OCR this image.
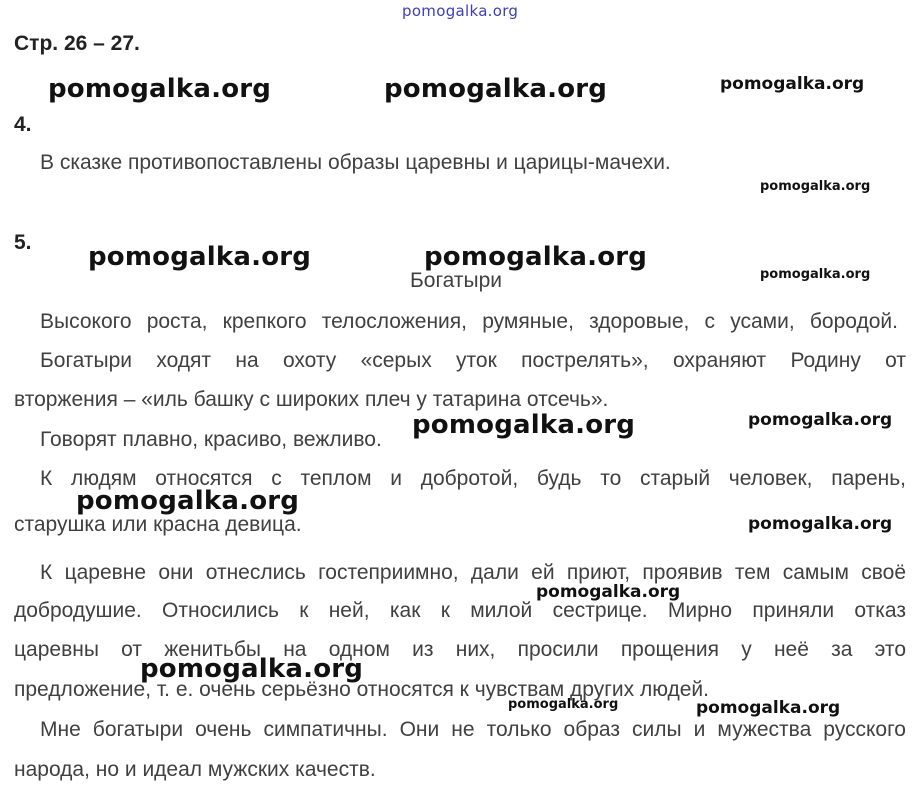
pomogalka.org
Стр. 26 – 27.
4.
В сказке противопоставлены образы царевны и царицы-мачехи.
5.
Богатыри
Высокого роста, крепкого телосложения, румяные, здоровые, с усами, бородой.
Богатыри ходят на охоту «серых уток пострелять», охраняют Родину от
вторжения – «иль башку с широких плеч у татарина отсечь».
Говорят плавно, красиво, вежливо.
К людям относятся с теплом и добротой, будь то старый человек, парень,
старушка или красна девица.
К царевне они отнеслись гостеприимно, дали ей приют, проявив тем самым своё
добродушие. Относились к ней, как к милой сестрице. Мирно приняли отказ
царевны от женитьбы на одном из них, просили прощения у неё за это
предложение, т. е. очень серьёзно относятся к чувствам других людей.
Мне богатыри очень симпатичны. Они не только образ силы и мужества русского
народа, но и идеал мужских качеств.
pomogalka.org	pomogalka.org	pomogalka.org
pomogalka.org
pomogalka.org	pomogalka.org
pomogalka.org
pomogalka.org
pomogalka.org
pomogalka.org
pomogalka.org
pomogalka.org
pomogalka.org
pomogalka.org	pomogalka.org
